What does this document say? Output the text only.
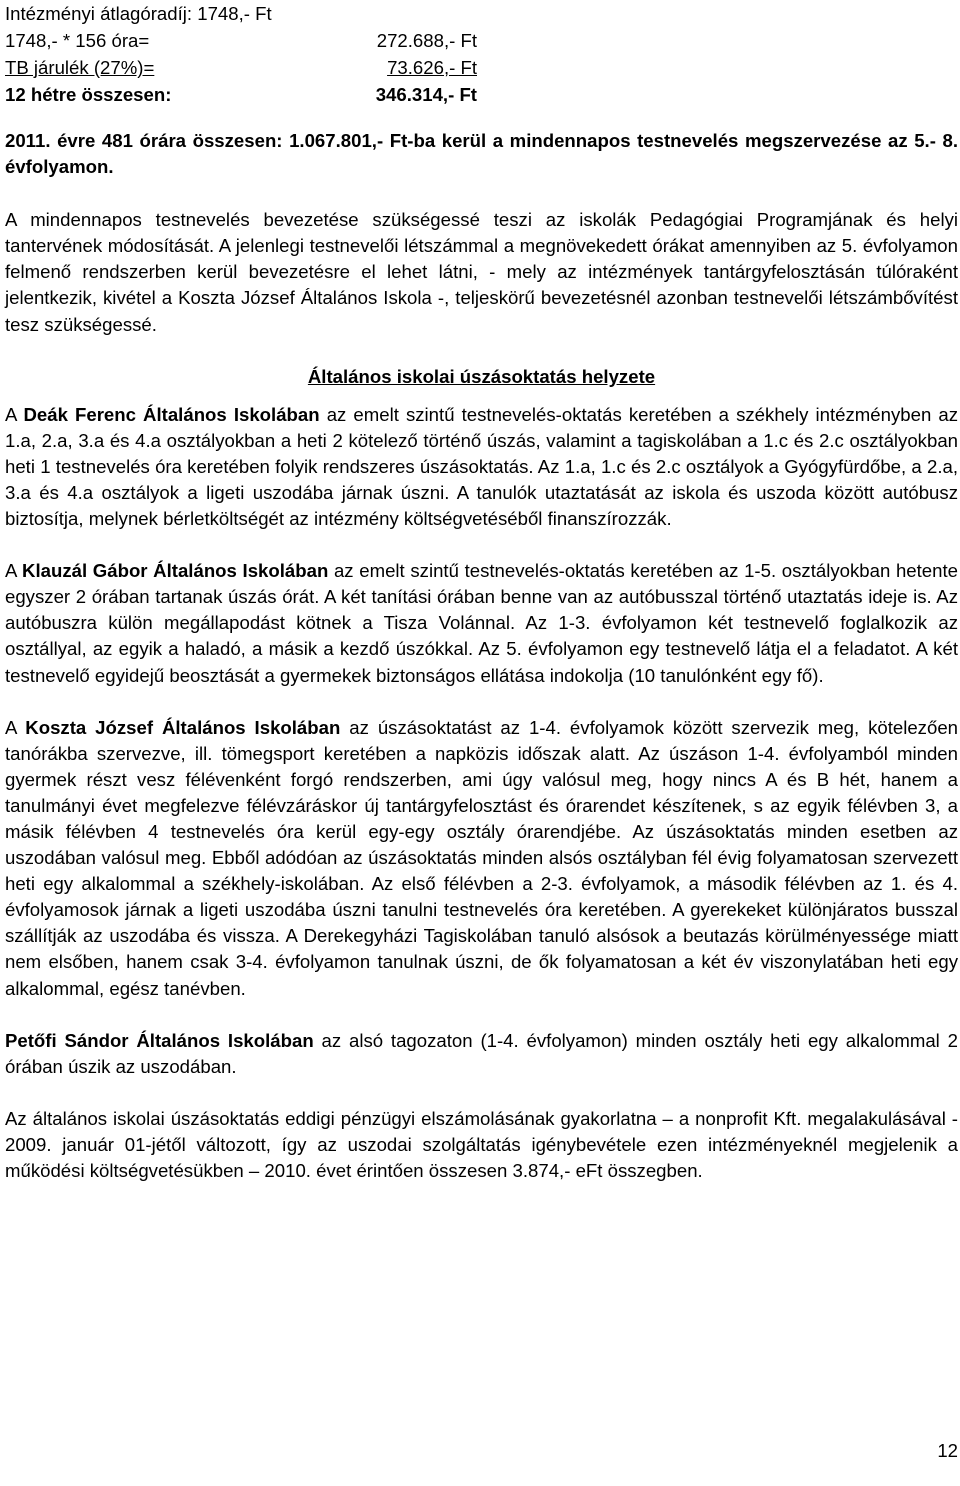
Intézményi átlagóradíj: 1748,- Ft
1748,- * 156 óra=	272.688,- Ft
TB járulék (27%)=	73.626,- Ft
12 hétre összesen:	346.314,- Ft

2011. évre 481 órára összesen: 1.067.801,- Ft-ba kerül a mindennapos testnevelés megszervezése az 5.- 8. évfolyamon.

A mindennapos testnevelés bevezetése szükségessé teszi az iskolák Pedagógiai Programjának és helyi tantervének módosítását. A jelenlegi testnevelői létszámmal a megnövekedett órákat amennyiben az 5. évfolyamon felmenő rendszerben kerül bevezetésre el lehet látni, - mely az intézmények tantárgyfelosztásán túlóraként jelentkezik, kivétel a Koszta József Általános Iskola -, teljeskörű bevezetésnél azonban testnevelői létszámbővítést tesz szükségessé.

Általános iskolai úszásoktatás helyzete

A Deák Ferenc Általános Iskolában az emelt szintű testnevelés-oktatás keretében a székhely intézményben az 1.a, 2.a, 3.a és 4.a osztályokban a heti 2 kötelező történő úszás, valamint a tagiskolában a 1.c és 2.c osztályokban heti 1 testnevelés óra keretében folyik rendszeres úszásoktatás. Az 1.a, 1.c és 2.c osztályok a Gyógyfürdőbe, a 2.a, 3.a és 4.a osztályok a ligeti uszodába járnak úszni. A tanulók utaztatását az iskola és uszoda között autóbusz biztosítja, melynek bérletköltségét az intézmény költségvetéséből finanszírozzák.

A Klauzál Gábor Általános Iskolában az emelt szintű testnevelés-oktatás keretében az 1-5. osztályokban hetente egyszer 2 órában tartanak úszás órát. A két tanítási órában benne van az autóbusszal történő utaztatás ideje is. Az autóbuszra külön megállapodást kötnek a Tisza Volánnal. Az 1-3. évfolyamon két testnevelő foglalkozik az osztállyal, az egyik a haladó, a másik a kezdő úszókkal. Az 5. évfolyamon egy testnevelő látja el a feladatot. A két testnevelő egyidejű beosztását a gyermekek biztonságos ellátása indokolja (10 tanulónként egy fő).

A Koszta József Általános Iskolában az úszásoktatást az 1-4. évfolyamok között szervezik meg, kötelezően tanórákba szervezve, ill. tömegsport keretében a napközis időszak alatt. Az úszáson 1-4. évfolyamból minden gyermek részt vesz félévenként forgó rendszerben, ami úgy valósul meg, hogy nincs A és B hét, hanem a tanulmányi évet megfelezve félévzáráskor új tantárgyfelosztást és órarendet készítenek, s az egyik félévben 3, a másik félévben 4 testnevelés óra kerül egy-egy osztály órarendjébe. Az úszásoktatás minden esetben az uszodában valósul meg. Ebből adódóan az úszásoktatás minden alsós osztályban fél évig folyamatosan szervezett heti egy alkalommal a székhely-iskolában. Az első félévben a 2-3. évfolyamok, a második félévben az 1. és 4. évfolyamosok járnak a ligeti uszodába úszni tanulni testnevelés óra keretében. A gyerekeket különjáratos busszal szállítják az uszodába és vissza. A Derekegyházi Tagiskolában tanuló alsósok a beutazás körülményessége miatt nem elsőben, hanem csak 3-4. évfolyamon tanulnak úszni, de ők folyamatosan a két év viszonylatában heti egy alkalommal, egész tanévben.

Petőfi Sándor Általános Iskolában az alsó tagozaton (1-4. évfolyamon) minden osztály heti egy alkalommal 2 órában úszik az uszodában.

Az általános iskolai úszásoktatás eddigi pénzügyi elszámolásának gyakorlatna – a nonprofit Kft. megalakulásával - 2009. január 01-jétől változott, így az uszodai szolgáltatás igénybevétele ezen intézményeknél megjelenik a működési költségvetésükben – 2010. évet érintően összesen 3.874,- eFt összegben.

12
